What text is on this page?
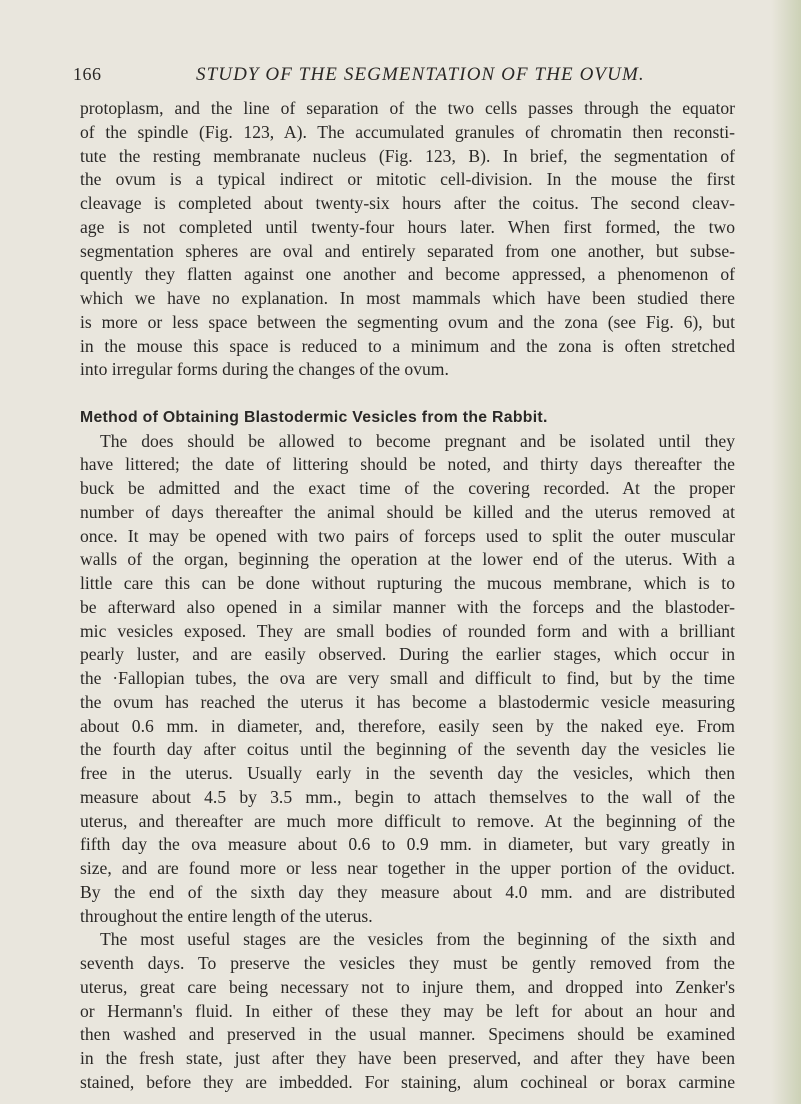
166	STUDY OF THE SEGMENTATION OF THE OVUM.
protoplasm, and the line of separation of the two cells passes through the equator
of the spindle (Fig. 123, A). The accumulated granules of chromatin then reconsti-
tute the resting membranate nucleus (Fig. 123, B). In brief, the segmentation of
the ovum is a typical indirect or mitotic cell-division. In the mouse the first
cleavage is completed about twenty-six hours after the coitus. The second cleav-
age is not completed until twenty-four hours later. When first formed, the two
segmentation spheres are oval and entirely separated from one another, but subse-
quently they flatten against one another and become appressed, a phenomenon of
which we have no explanation. In most mammals which have been studied there
is more or less space between the segmenting ovum and the zona (see Fig. 6), but
in the mouse this space is reduced to a minimum and the zona is often stretched
into irregular forms during the changes of the ovum.
Method of Obtaining Blastodermic Vesicles from the Rabbit.
The does should be allowed to become pregnant and be isolated until they
have littered; the date of littering should be noted, and thirty days thereafter the
buck be admitted and the exact time of the covering recorded. At the proper
number of days thereafter the animal should be killed and the uterus removed at
once. It may be opened with two pairs of forceps used to split the outer muscular
walls of the organ, beginning the operation at the lower end of the uterus. With a
little care this can be done without rupturing the mucous membrane, which is to
be afterward also opened in a similar manner with the forceps and the blastoder-
mic vesicles exposed. They are small bodies of rounded form and with a brilliant
pearly luster, and are easily observed. During the earlier stages, which occur in
the ·Fallopian tubes, the ova are very small and difficult to find, but by the time
the ovum has reached the uterus it has become a blastodermic vesicle measuring
about 0.6 mm. in diameter, and, therefore, easily seen by the naked eye. From
the fourth day after coitus until the beginning of the seventh day the vesicles lie
free in the uterus. Usually early in the seventh day the vesicles, which then
measure about 4.5 by 3.5 mm., begin to attach themselves to the wall of the
uterus, and thereafter are much more difficult to remove. At the beginning of the
fifth day the ova measure about 0.6 to 0.9 mm. in diameter, but vary greatly in
size, and are found more or less near together in the upper portion of the oviduct.
By the end of the sixth day they measure about 4.0 mm. and are distributed
throughout the entire length of the uterus.
The most useful stages are the vesicles from the beginning of the sixth and
seventh days. To preserve the vesicles they must be gently removed from the
uterus, great care being necessary not to injure them, and dropped into Zenker's
or Hermann's fluid. In either of these they may be left for about an hour and
then washed and preserved in the usual manner. Specimens should be examined
in the fresh state, just after they have been preserved, and after they have been
stained, before they are imbedded. For staining, alum cochineal or borax carmine
